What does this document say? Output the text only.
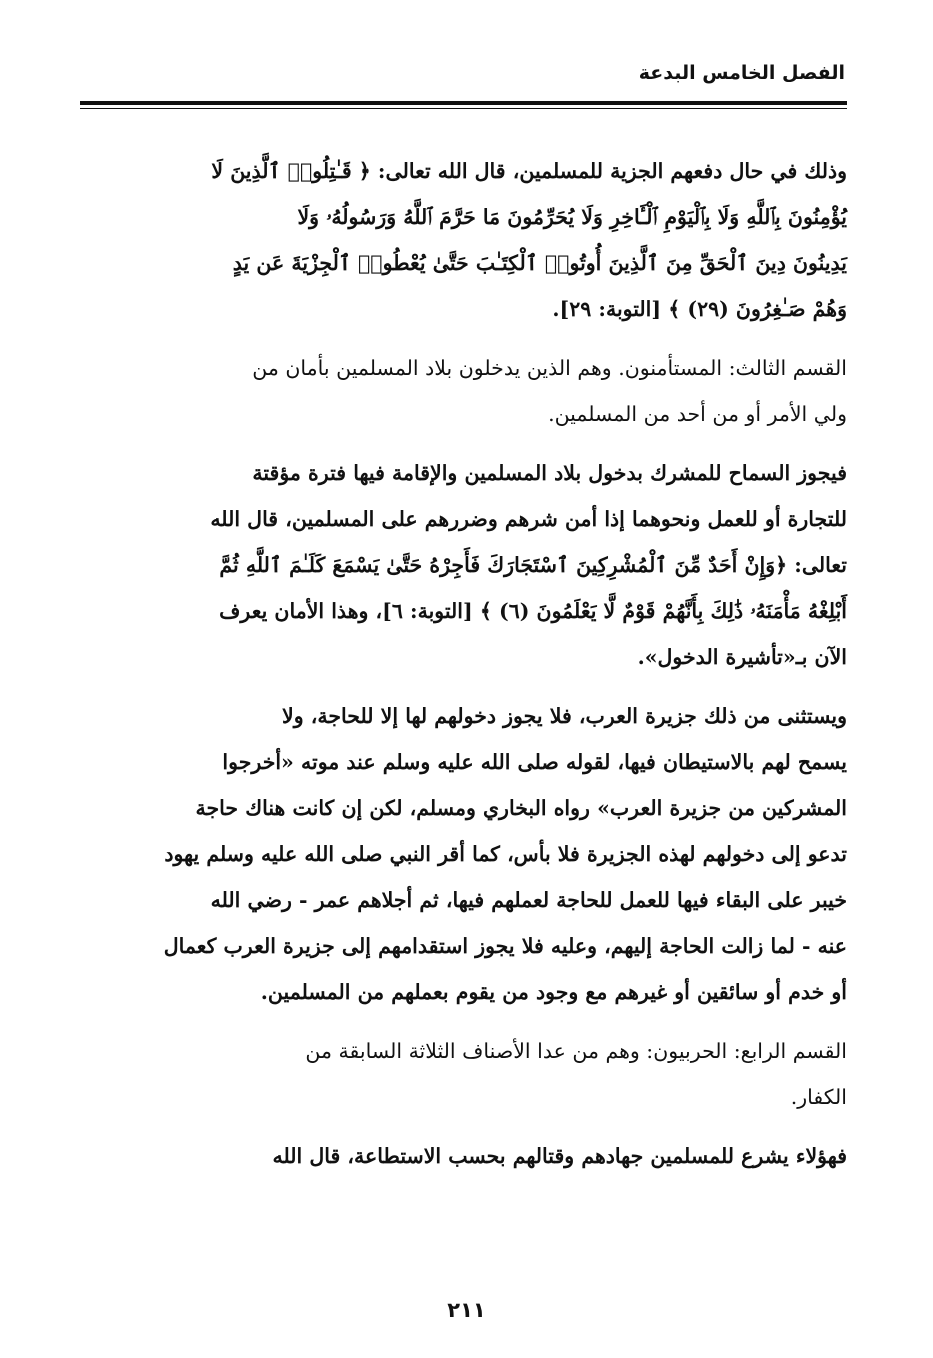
الفصل الخامس البدعة

وذلك في حال دفعهم الجزية للمسلمين، قال الله تعالى: ﴿ قَـٰتِلُوا۟ ٱلَّذِينَ لَا
يُؤْمِنُونَ بِٱللَّهِ وَلَا بِٱلْيَوْمِ ٱلْـَٔاخِرِ وَلَا يُحَرِّمُونَ مَا حَرَّمَ ٱللَّهُ وَرَسُولُهُۥ وَلَا
يَدِينُونَ دِينَ ٱلْحَقِّ مِنَ ٱلَّذِينَ أُوتُوا۟ ٱلْكِتَـٰبَ حَتَّىٰ يُعْطُوا۟ ٱلْجِزْيَةَ عَن يَدٍ
وَهُمْ صَـٰغِرُونَ (٢٩) ﴾ [التوبة: ٢٩].

القسم الثالث: المستأمنون. وهم الذين يدخلون بلاد المسلمين بأمان من
ولي الأمر أو من أحد من المسلمين.

فيجوز السماح للمشرك بدخول بلاد المسلمين والإقامة فيها فترة مؤقتة
للتجارة أو للعمل ونحوهما إذا أمن شرهم وضررهم على المسلمين، قال الله
تعالى: ﴿وَإِنْ أَحَدٌ مِّنَ ٱلْمُشْرِكِينَ ٱسْتَجَارَكَ فَأَجِرْهُ حَتَّىٰ يَسْمَعَ كَلَـٰمَ ٱللَّهِ ثُمَّ
أَبْلِغْهُ مَأْمَنَهُۥ ذَٰلِكَ بِأَنَّهُمْ قَوْمٌ لَّا يَعْلَمُونَ (٦) ﴾ [التوبة: ٦]، وهذا الأمان يعرف
الآن بـ«تأشيرة الدخول».

ويستثنى من ذلك جزيرة العرب، فلا يجوز دخولهم لها إلا للحاجة، ولا
يسمح لهم بالاستيطان فيها، لقوله صلى الله عليه وسلم عند موته «أخرجوا
المشركين من جزيرة العرب» رواه البخاري ومسلم، لكن إن كانت هناك حاجة
تدعو إلى دخولهم لهذه الجزيرة فلا بأس، كما أقر النبي صلى الله عليه وسلم يهود
خيبر على البقاء فيها للعمل للحاجة لعملهم فيها، ثم أجلاهم عمر - رضي الله
عنه - لما زالت الحاجة إليهم، وعليه فلا يجوز استقدامهم إلى جزيرة العرب كعمال
أو خدم أو سائقين أو غيرهم مع وجود من يقوم بعملهم من المسلمين.

القسم الرابع: الحربيون: وهم من عدا الأصناف الثلاثة السابقة من
الكفار.

فهؤلاء يشرع للمسلمين جهادهم وقتالهم بحسب الاستطاعة، قال الله

٢١١
